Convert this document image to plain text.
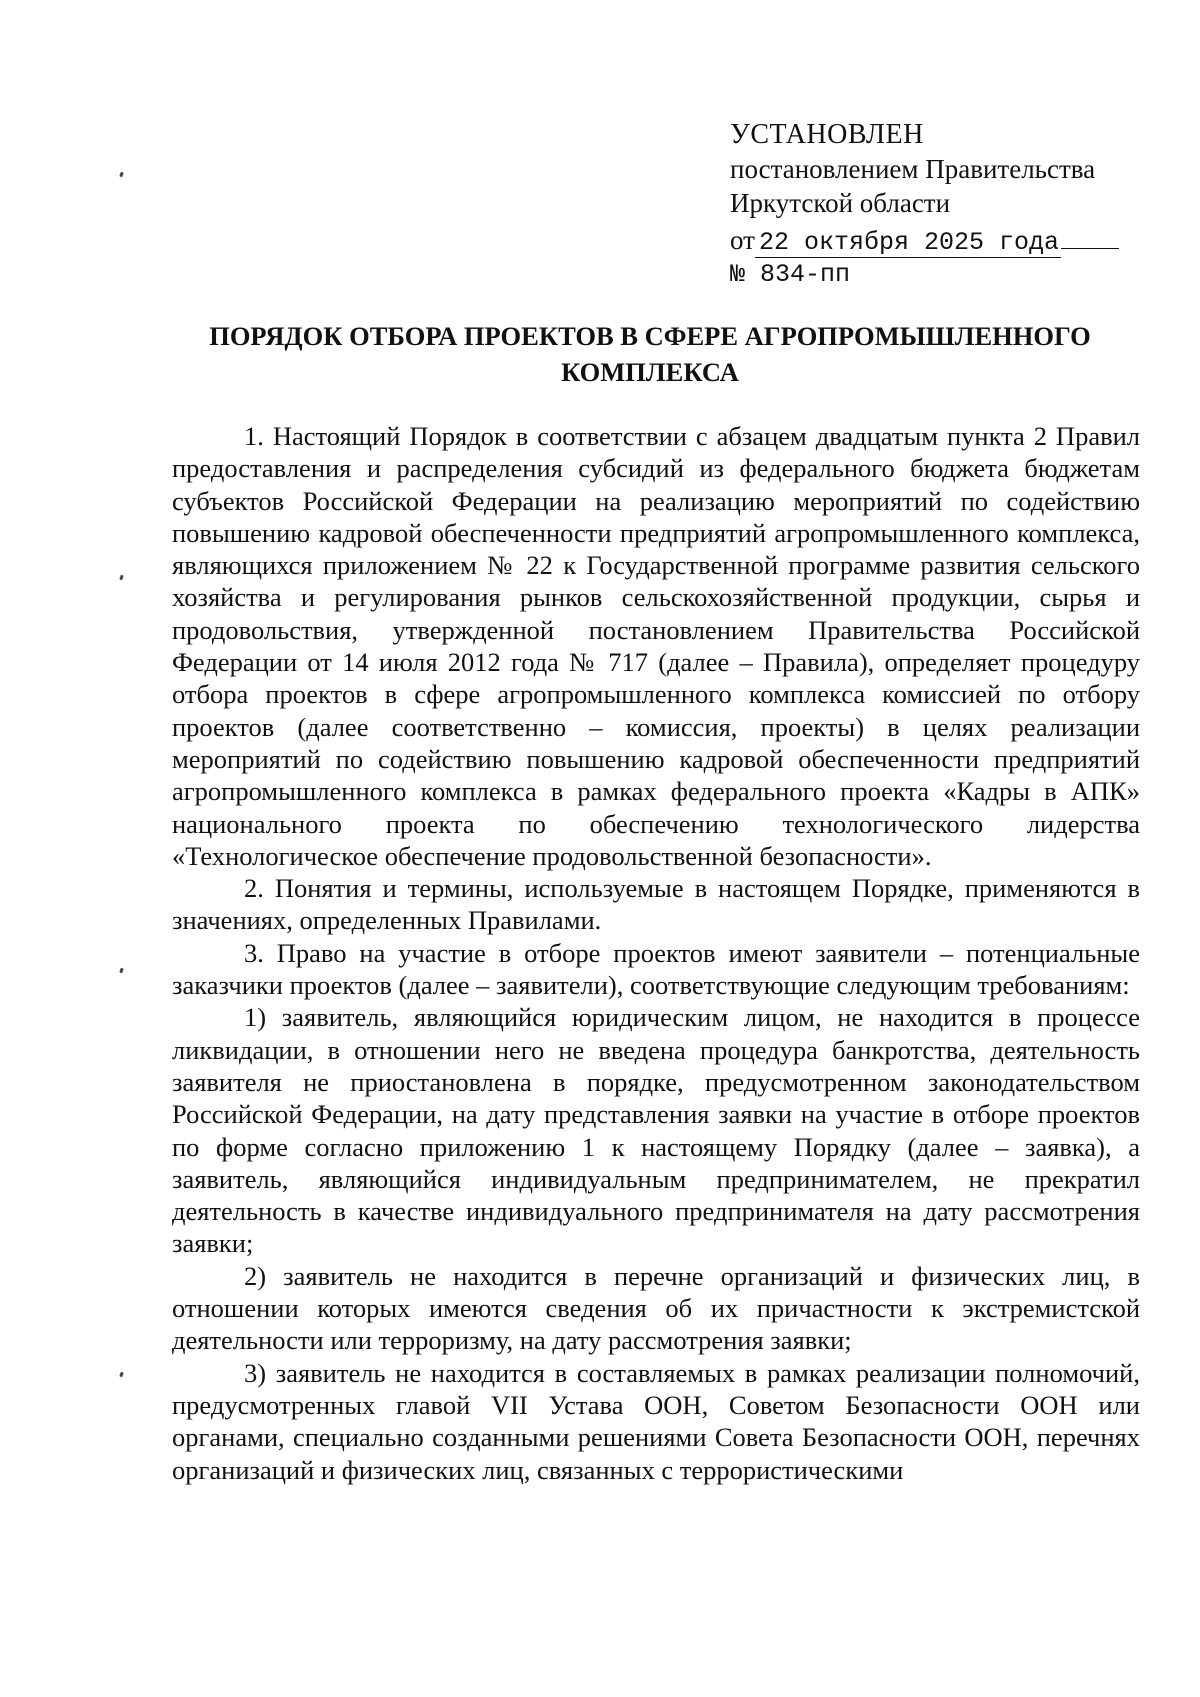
УСТАНОВЛЕН
постановлением Правительства
Иркутской области
от 22 октября 2025 года
№ 834-пп
ПОРЯДОК ОТБОРА ПРОЕКТОВ В СФЕРЕ АГРОПРОМЫШЛЕННОГО
КОМПЛЕКСА

1. Настоящий Порядок в соответствии с абзацем двадцатым пункта 2 Правил предоставления и распределения субсидий из федерального бюджета бюджетам субъектов Российской Федерации на реализацию мероприятий по содействию повышению кадровой обеспеченности предприятий агропромышленного комплекса, являющихся приложением № 22 к Государственной программе развития сельского хозяйства и регулирования рынков сельскохозяйственной продукции, сырья и продовольствия, утвержденной постановлением Правительства Российской Федерации от 14 июля 2012 года № 717 (далее – Правила), определяет процедуру отбора проектов в сфере агропромышленного комплекса комиссией по отбору проектов (далее соответственно – комиссия, проекты) в целях реализации мероприятий по содействию повышению кадровой обеспеченности предприятий агропромышленного комплекса в рамках федерального проекта «Кадры в АПК» национального проекта по обеспечению технологического лидерства «Технологическое обеспечение продовольственной безопасности».

2. Понятия и термины, используемые в настоящем Порядке, применяются в значениях, определенных Правилами.

3. Право на участие в отборе проектов имеют заявители – потенциальные заказчики проектов (далее – заявители), соответствующие следующим требованиям:

1) заявитель, являющийся юридическим лицом, не находится в процессе ликвидации, в отношении него не введена процедура банкротства, деятельность заявителя не приостановлена в порядке, предусмотренном законодательством Российской Федерации, на дату представления заявки на участие в отборе проектов по форме согласно приложению 1 к настоящему Порядку (далее – заявка), а заявитель, являющийся индивидуальным предпринимателем, не прекратил деятельность в качестве индивидуального предпринимателя на дату рассмотрения заявки;

2) заявитель не находится в перечне организаций и физических лиц, в отношении которых имеются сведения об их причастности к экстремистской деятельности или терроризму, на дату рассмотрения заявки;

3) заявитель не находится в составляемых в рамках реализации полномочий, предусмотренных главой VII Устава ООН, Советом Безопасности ООН или органами, специально созданными решениями Совета Безопасности ООН, перечнях организаций и физических лиц, связанных с террористическими
